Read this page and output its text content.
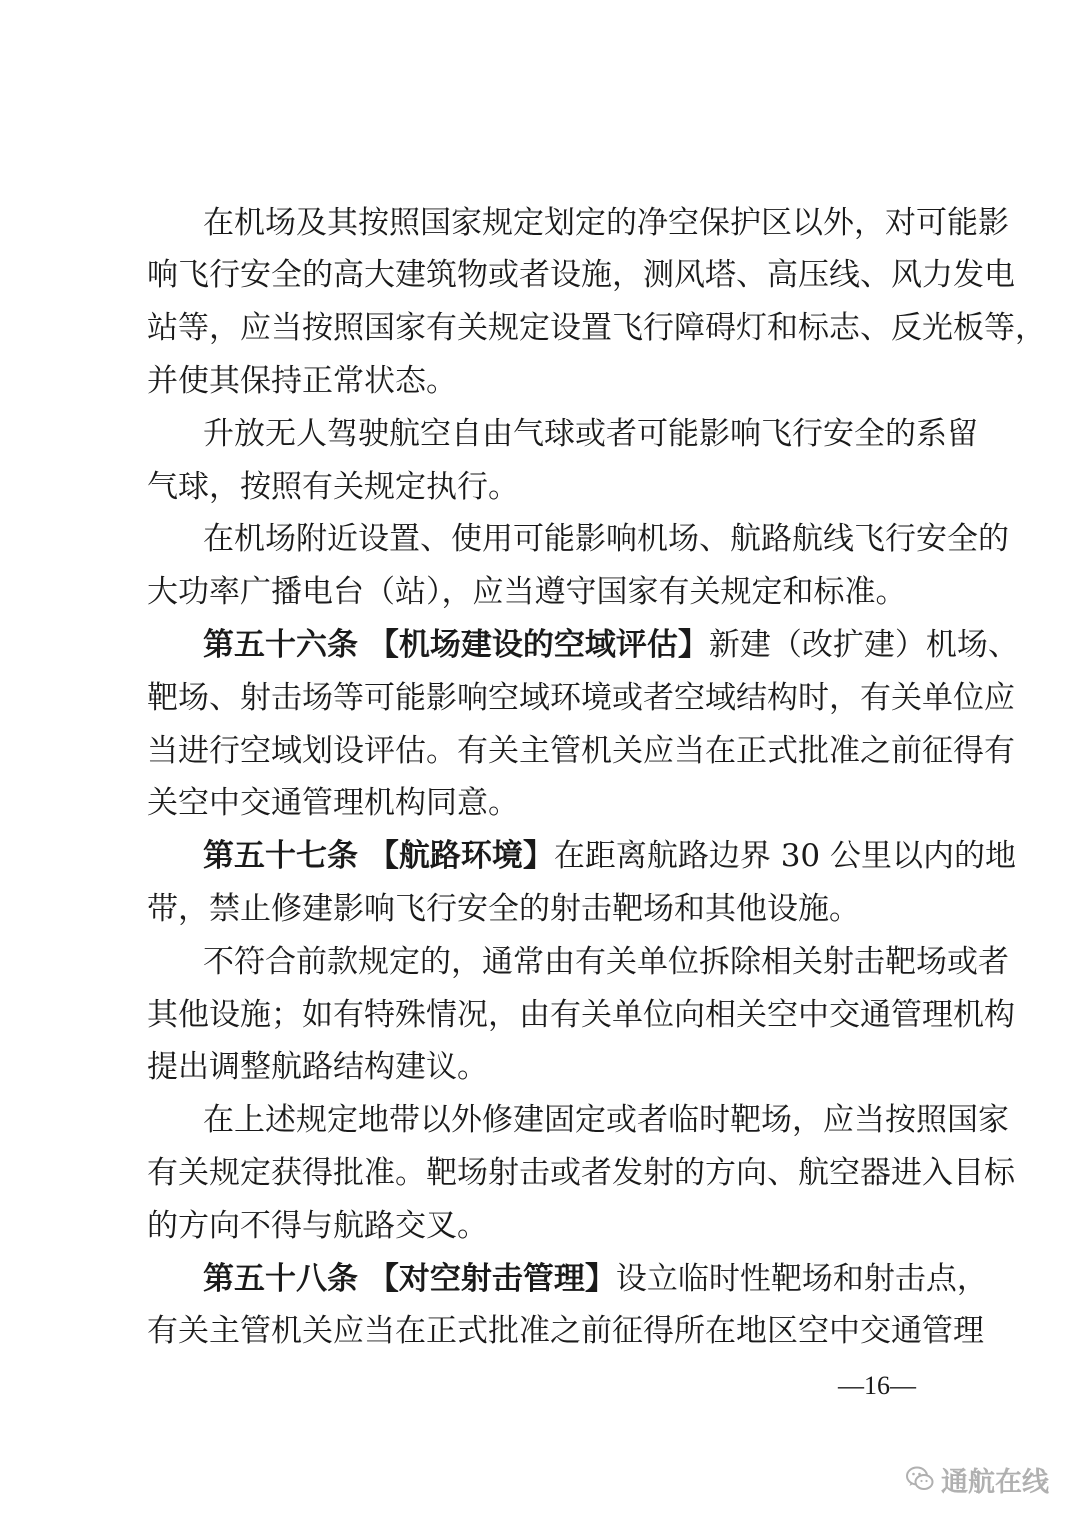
在机场及其按照国家规定划定的净空保护区以外，对可能影
响飞行安全的高大建筑物或者设施，测风塔、高压线、风力发电
站等，应当按照国家有关规定设置飞行障碍灯和标志、反光板等，
并使其保持正常状态。
升放无人驾驶航空自由气球或者可能影响飞行安全的系留
气球，按照有关规定执行。
在机场附近设置、使用可能影响机场、航路航线飞行安全的
大功率广播电台（站），应当遵守国家有关规定和标准。
第五十六条 【机场建设的空域评估】新建（改扩建）机场、
靶场、射击场等可能影响空域环境或者空域结构时，有关单位应
当进行空域划设评估。有关主管机关应当在正式批准之前征得有
关空中交通管理机构同意。
第五十七条 【航路环境】在距离航路边界 30 公里以内的地
带，禁止修建影响飞行安全的射击靶场和其他设施。
不符合前款规定的，通常由有关单位拆除相关射击靶场或者
其他设施；如有特殊情况，由有关单位向相关空中交通管理机构
提出调整航路结构建议。
在上述规定地带以外修建固定或者临时靶场，应当按照国家
有关规定获得批准。靶场射击或者发射的方向、航空器进入目标
的方向不得与航路交叉。
第五十八条 【对空射击管理】设立临时性靶场和射击点，
有关主管机关应当在正式批准之前征得所在地区空中交通管理
—16—
通航在线
